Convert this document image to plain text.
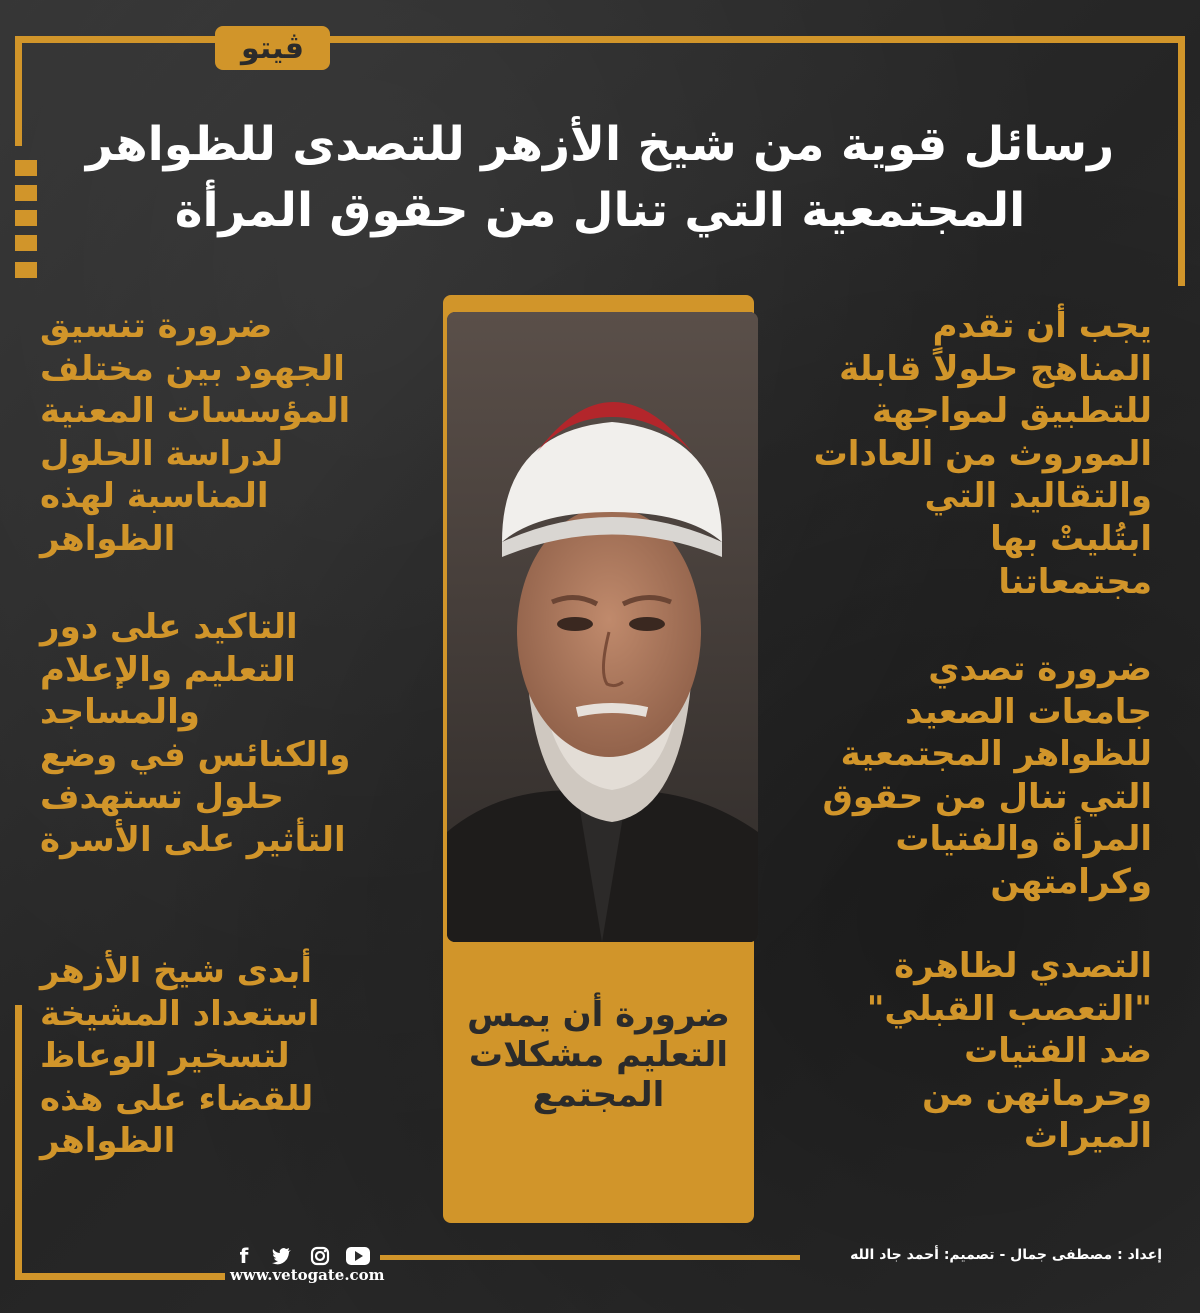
ڤيتو
رسائل قوية من شيخ الأزهر للتصدى للظواهر المجتمعية التي تنال من حقوق المرأة

ضرورة تنسيق
الجهود بين مختلف
المؤسسات المعنية
لدراسة الحلول
المناسبة لهذه
الظواهر

التاكيد على دور
التعليم والإعلام
والمساجد
والكنائس في وضع
حلول تستهدف
التأثير على الأسرة

أبدى شيخ الأزهر
استعداد المشيخة
لتسخير الوعاظ
للقضاء على هذه
الظواهر

يجب أن تقدم
المناهج حلولاً قابلة
للتطبيق لمواجهة
الموروث من العادات
والتقاليد التي
ابتُليتْ بها
مجتمعاتنا

ضرورة تصدي
جامعات الصعيد
للظواهر المجتمعية
التي تنال من حقوق
المرأة والفتيات
وكرامتهن

التصدي لظاهرة
"التعصب القبلي"
ضد الفتيات
وحرمانهن من
الميراث

ضرورة أن يمس
التعليم مشكلات
المجتمع
f
www.vetogate.com
إعداد : مصطفى جمال - تصميم: أحمد جاد الله
